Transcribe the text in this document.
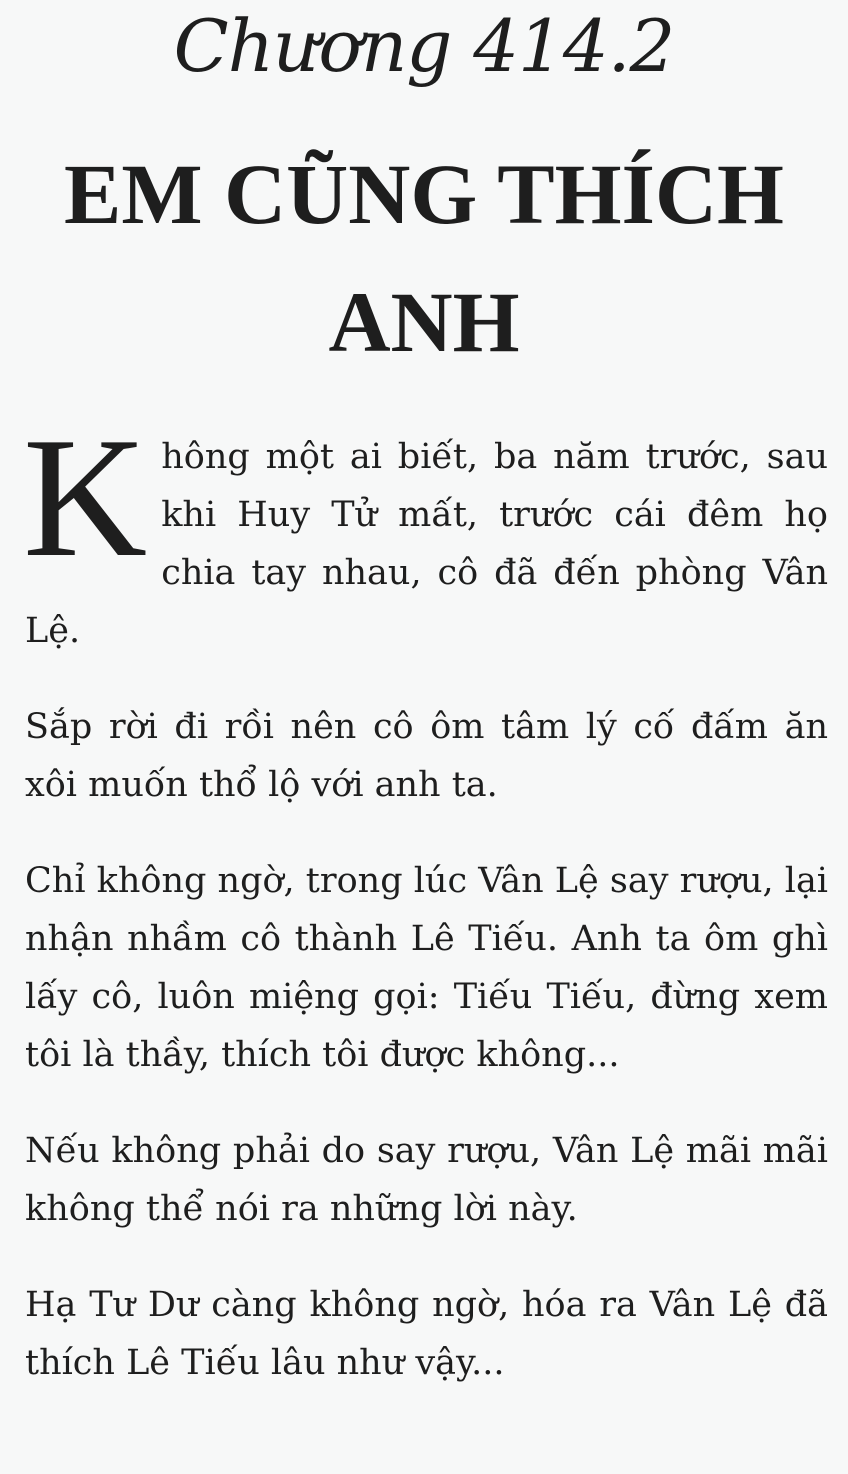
Chương 414.2
EM CŨNG THÍCH ANH

Không một ai biết, ba năm trước, sau khi Huy Tử mất, trước cái đêm họ chia tay nhau, cô đã đến phòng Vân Lệ.

Sắp rời đi rồi nên cô ôm tâm lý cố đấm ăn xôi muốn thổ lộ với anh ta.

Chỉ không ngờ, trong lúc Vân Lệ say rượu, lại nhận nhầm cô thành Lê Tiếu. Anh ta ôm ghì lấy cô, luôn miệng gọi: Tiếu Tiếu, đừng xem tôi là thầy, thích tôi được không...

Nếu không phải do say rượu, Vân Lệ mãi mãi không thể nói ra những lời này.

Hạ Tư Dư càng không ngờ, hóa ra Vân Lệ đã thích Lê Tiếu lâu như vậy...
